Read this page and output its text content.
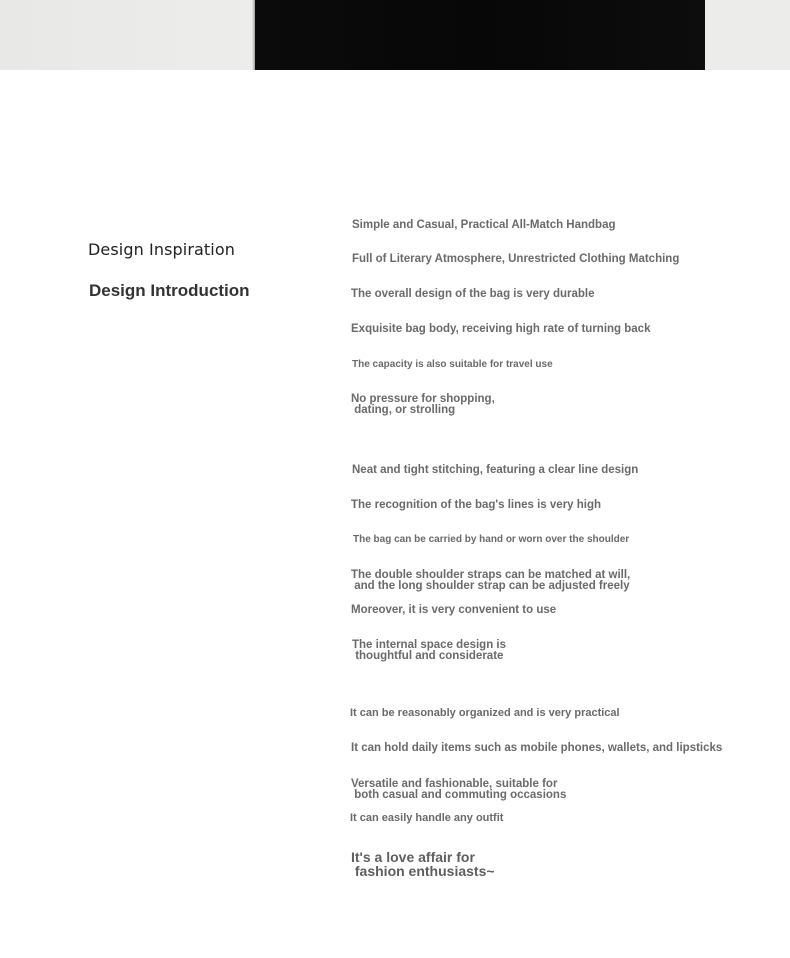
Design Inspiration
Design Introduction
Simple and Casual, Practical All-Match Handbag
Full of Literary Atmosphere, Unrestricted Clothing Matching
The overall design of the bag is very durable
Exquisite bag body, receiving high rate of turning back
The capacity is also suitable for travel use
No pressure for shopping,
dating, or strolling
Neat and tight stitching, featuring a clear line design
The recognition of the bag's lines is very high
The bag can be carried by hand or worn over the shoulder
The double shoulder straps can be matched at will,
and the long shoulder strap can be adjusted freely
Moreover, it is very convenient to use
The internal space design is
thoughtful and considerate
It can be reasonably organized and is very practical
It can hold daily items such as mobile phones, wallets, and lipsticks
Versatile and fashionable, suitable for
both casual and commuting occasions
It can easily handle any outfit
It's a love affair for
fashion enthusiasts~
